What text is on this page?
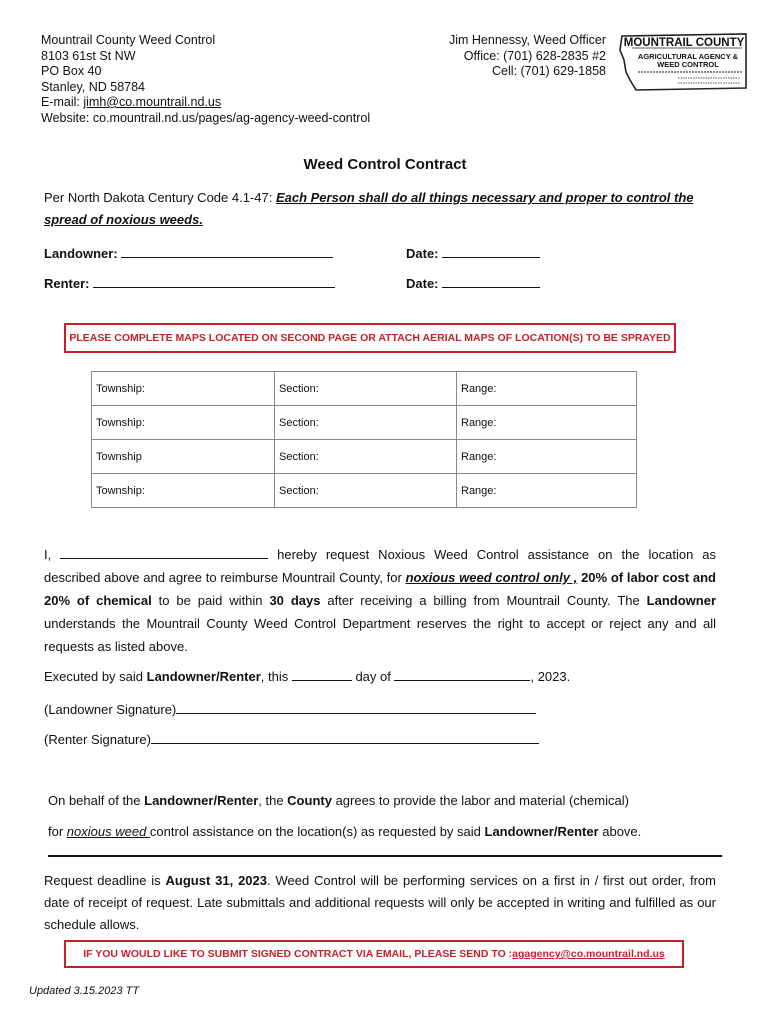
Mountrail County Weed Control
8103 61st St NW
PO Box 40
Stanley, ND 58784
E-mail: jimh@co.mountrail.nd.us
Website: co.mountrail.nd.us/pages/ag-agency-weed-control
Jim Hennessy, Weed Officer
Office: (701) 628-2835 #2
Cell: (701) 629-1858
MOUNTRAIL COUNTY
AGRICULTURAL AGENCY &
WEED CONTROL
Weed Control Contract
Per North Dakota Century Code 4.1-47: Each Person shall do all things necessary and proper to control the spread of noxious weeds.
Landowner:	Date:
Renter:	Date:
PLEASE COMPLETE MAPS LOCATED ON SECOND PAGE OR ATTACH AERIAL MAPS OF LOCATION(S) TO BE SPRAYED
Township:	Section:	Range:
Township:	Section:	Range:
Township	Section:	Range:
Township:	Section:	Range:
I,	hereby request Noxious Weed Control assistance on the location as described above and agree to reimburse Mountrail County, for noxious weed control only , 20% of labor cost and 20% of chemical to be paid within 30 days after receiving a billing from Mountrail County. The Landowner understands the Mountrail County Weed Control Department reserves the right to accept or reject any and all requests as listed above.
Executed by said Landowner/Renter, this	day of	, 2023.
(Landowner Signature)
(Renter Signature)
On behalf of the Landowner/Renter, the County agrees to provide the labor and material (chemical)
for noxious weed control assistance on the location(s) as requested by said Landowner/Renter above.
Request deadline is August 31, 2023. Weed Control will be performing services on a first in / first out order, from date of receipt of request. Late submittals and additional requests will only be accepted in writing and fulfilled as our schedule allows.
IF YOU WOULD LIKE TO SUBMIT SIGNED CONTRACT VIA EMAIL, PLEASE SEND TO : agagency@co.mountrail.nd.us
Updated 3.15.2023 TT
